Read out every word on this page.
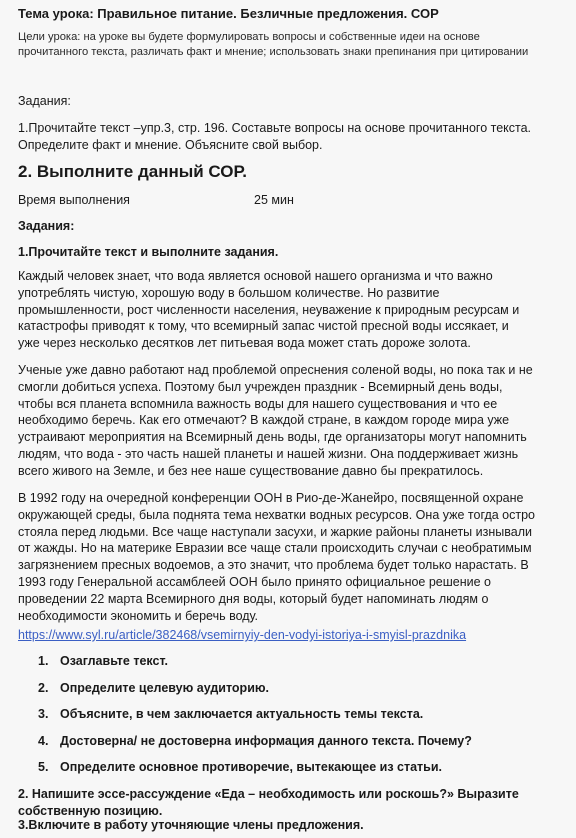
Тема урока: Правильное питание. Безличные предложения. СОР
Цели урока: на уроке вы будете формулировать вопросы и собственные идеи на основе
прочитанного текста, различать факт и мнение; использовать знаки препинания при цитировании
Задания:
1.Прочитайте текст –упр.3, стр. 196. Составьте вопросы на основе прочитанного текста.
Определите факт и мнение. Объясните свой выбор.
2. Выполните данный СОР.
Время выполнения	25 мин
Задания:
1.Прочитайте текст и выполните задания.
Каждый человек знает, что вода является основой нашего организма и что важно
употреблять чистую, хорошую воду в большом количестве. Но развитие
промышленности, рост численности населения, неуважение к природным ресурсам и
катастрофы приводят к тому, что всемирный запас чистой пресной воды иссякает, и
уже через несколько десятков лет питьевая вода может стать дороже золота.
Ученые уже давно работают над проблемой опреснения соленой воды, но пока так и не
смогли добиться успеха. Поэтому был учрежден праздник - Всемирный день воды,
чтобы вся планета вспомнила важность воды для нашего существования и что ее
необходимо беречь. Как его отмечают? В каждой стране, в каждом городе мира уже
устраивают мероприятия на Всемирный день воды, где организаторы могут напомнить
людям, что вода - это часть нашей планеты и нашей жизни. Она поддерживает жизнь
всего живого на Земле, и без нее наше существование давно бы прекратилось.
В 1992 году на очередной конференции ООН в Рио-де-Жанейро, посвященной охране
окружающей среды, была поднята тема нехватки водных ресурсов. Она уже тогда остро
стояла перед людьми. Все чаще наступали засухи, и жаркие районы планеты изнывали
от жажды. Но на материке Евразии все чаще стали происходить случаи с необратимым
загрязнением пресных водоемов, а это значит, что проблема будет только нарастать. В
1993 году Генеральной ассамблеей ООН было принято официальное решение о
проведении 22 марта Всемирного дня воды, который будет напоминать людям о
необходимости экономить и беречь воду.
https://www.syl.ru/article/382468/vsemirnyiy-den-vodyi-istoriya-i-smyisl-prazdnika
1. Озаглавьте текст.
2. Определите целевую аудиторию.
3. Объясните, в чем заключается актуальность темы текста.
4. Достоверна/ не достоверна информация данного текста. Почему?
5. Определите основное противоречие, вытекающее из статьи.
2. Напишите эссе-рассуждение «Еда – необходимость или роскошь?» Выразите
собственную позицию.
3.Включите в работу уточняющие члены предложения.
